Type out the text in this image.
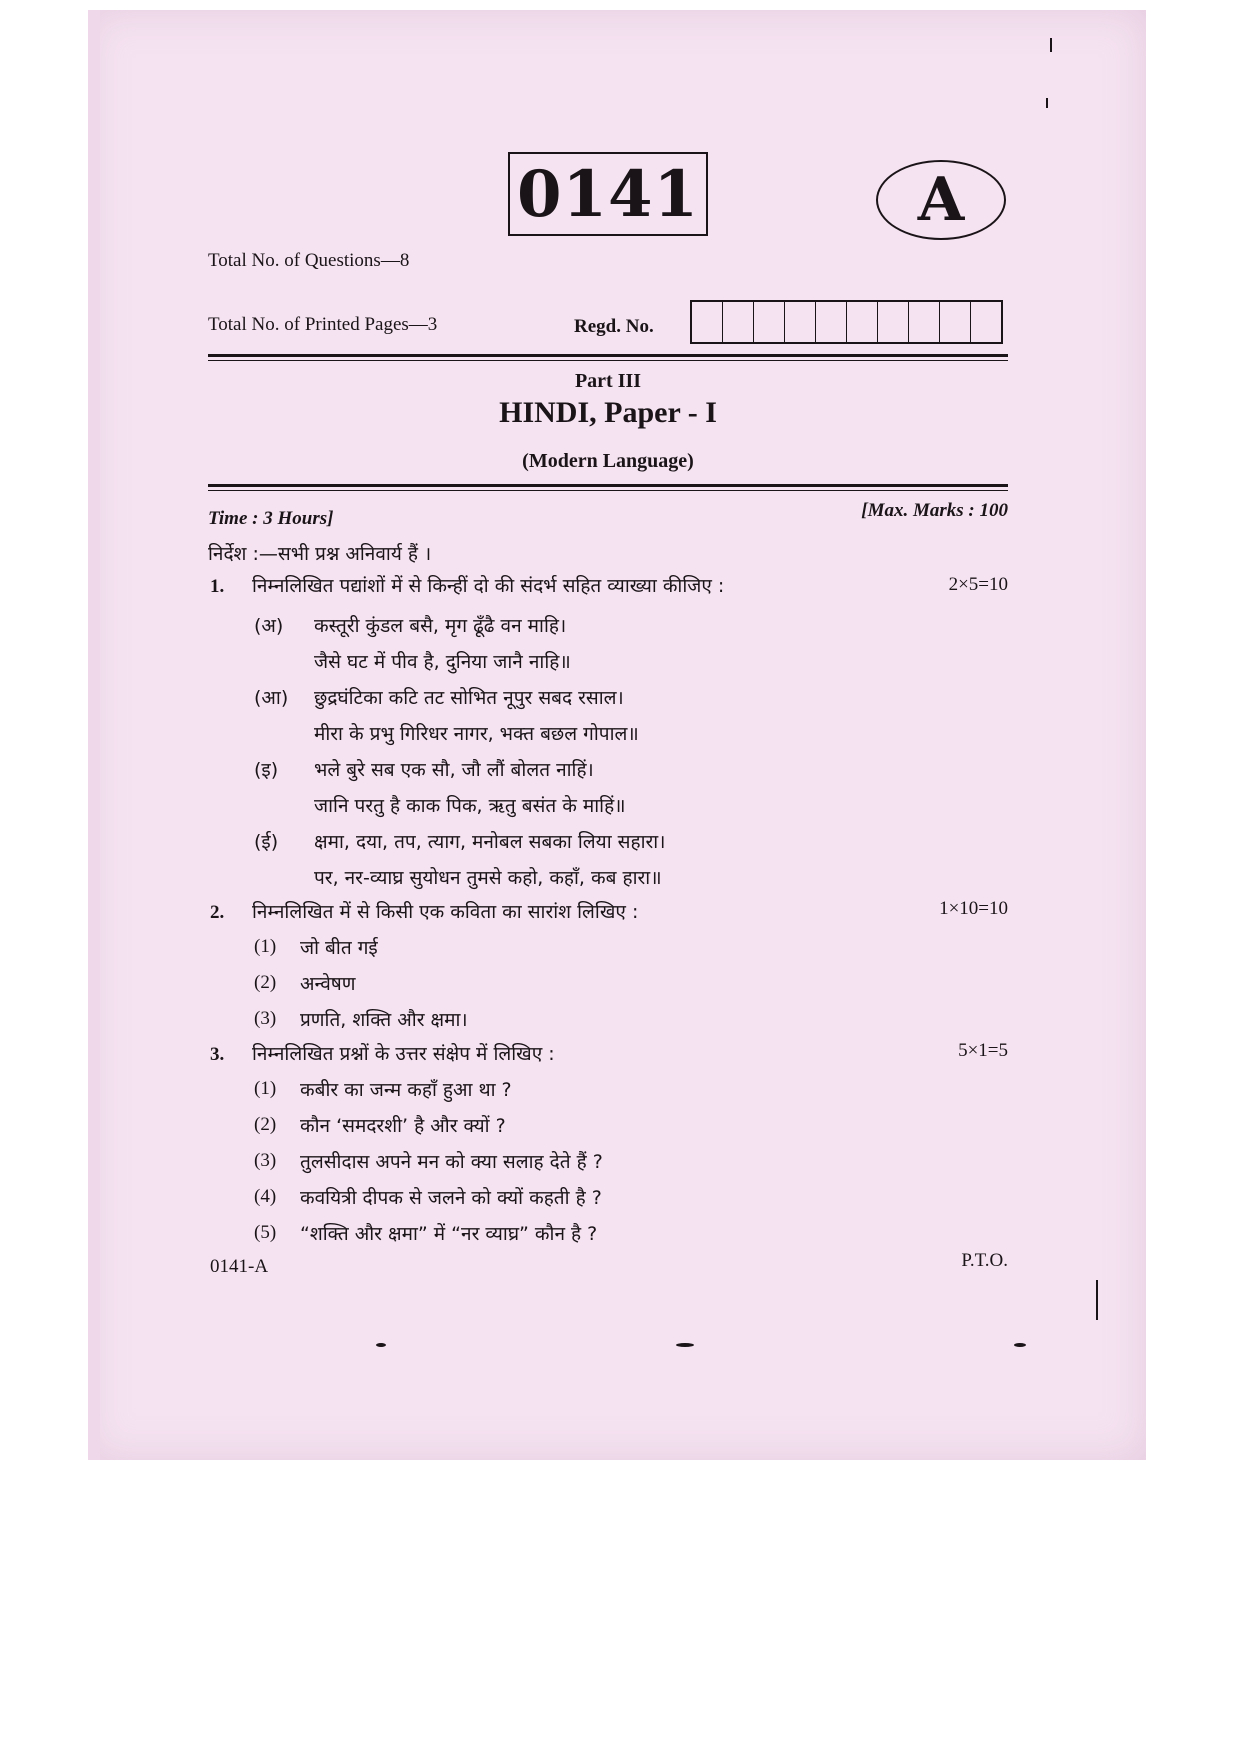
0141	A
Total No. of Questions—8
Total No. of Printed Pages—3	Regd. No.
Part III
HINDI, Paper - I
(Modern Language)
Time : 3 Hours]	[Max. Marks : 100
निर्देश :—सभी प्रश्न अनिवार्य हैं ।
1. निम्नलिखित पद्यांशों में से किन्हीं दो की संदर्भ सहित व्याख्या कीजिए :	2×5=10
(अ) कस्तूरी कुंडल बसै, मृग ढूँढै वन माहि।
जैसे घट में पीव है, दुनिया जानै नाहि॥
(आ) छुद्रघंटिका कटि तट सोभित नूपुर सबद रसाल।
मीरा के प्रभु गिरिधर नागर, भक्त बछल गोपाल॥
(इ) भले बुरे सब एक सौ, जौ लौं बोलत नाहिं।
जानि परतु है काक पिक, ऋतु बसंत के माहिं॥
(ई) क्षमा, दया, तप, त्याग, मनोबल सबका लिया सहारा।
पर, नर-व्याघ्र सुयोधन तुमसे कहो, कहाँ, कब हारा॥
2. निम्नलिखित में से किसी एक कविता का सारांश लिखिए :	1×10=10
(1) जो बीत गई
(2) अन्वेषण
(3) प्रणति, शक्ति और क्षमा।
3. निम्नलिखित प्रश्नों के उत्तर संक्षेप में लिखिए :	5×1=5
(1) कबीर का जन्म कहाँ हुआ था ?
(2) कौन ‘समदरशी’ है और क्यों ?
(3) तुलसीदास अपने मन को क्या सलाह देते हैं ?
(4) कवयित्री दीपक से जलने को क्यों कहती है ?
(5) “शक्ति और क्षमा” में “नर व्याघ्र” कौन है ?
0141-A	P.T.O.
